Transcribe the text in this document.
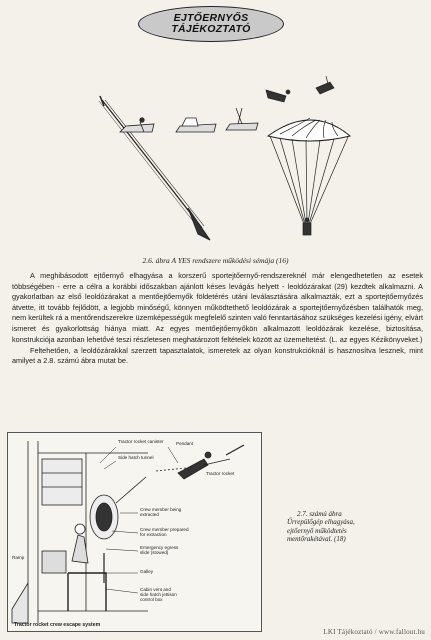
EJTŐERNYŐS
TÁJÉKOZTATÓ
2.6. ábra A YES rendszere működési sémája (16)

A meghibásodott ejtőernyő elhagyása a korszerű sportejtőernyő-rendszereknél már elengedhetetlen az esetek többségében - erre a célra a korábbi időszakban ajánlott késes levágás helyett - leoldózárakat (29) kezdtek alkalmazni. A gyakorlatban az első leoldózárakat a mentőejtőernyők földetérés utáni leválasztására alkalmazták, ezt a sportejtőernyőzés átvette, itt tovább fejlődött, a legjobb minőségű, könnyen működtethető leoldózárak a sportejtőernyőzésben találhatók meg, nem kerültek rá a mentőrendszerekre üzemképességük megfelelő szinten való fenntartásához szükséges kezelési igény, elvárt ismeret és gyakorlottság hiánya miatt. Az egyes mentőejtőernyőkön alkalmazott leoldózárak kezelése, biztosítása, konstrukciója azonban lehetővé teszi részletesen meghatározott feltételek között az üzemeltetést. (L. az egyes Kézikönyveket.)

Feltehetően, a leoldózárakkal szerzett tapasztalatok, ismeretek az olyan konstrukcióknál is hasznosítva lesznek, mint amilyet a 2.8. számú ábra mutat be.

Tractor rocket canister
Side hatch tunnel
Pendant
Tractor rocket
Crew member being
extracted
Crew member prepared
for extraction
Emergency egress
slide (stowed)
Galley
Cabin vent and
side hatch jettison
control box
Ramp
Tractor rocket crew escape system
2.7. számú ábra
Űrrepülőgép elhagyása,
ejtőernyő működtetés
mentőrakétával. (18)
LKI Tájékoztató / www.fallout.hu
